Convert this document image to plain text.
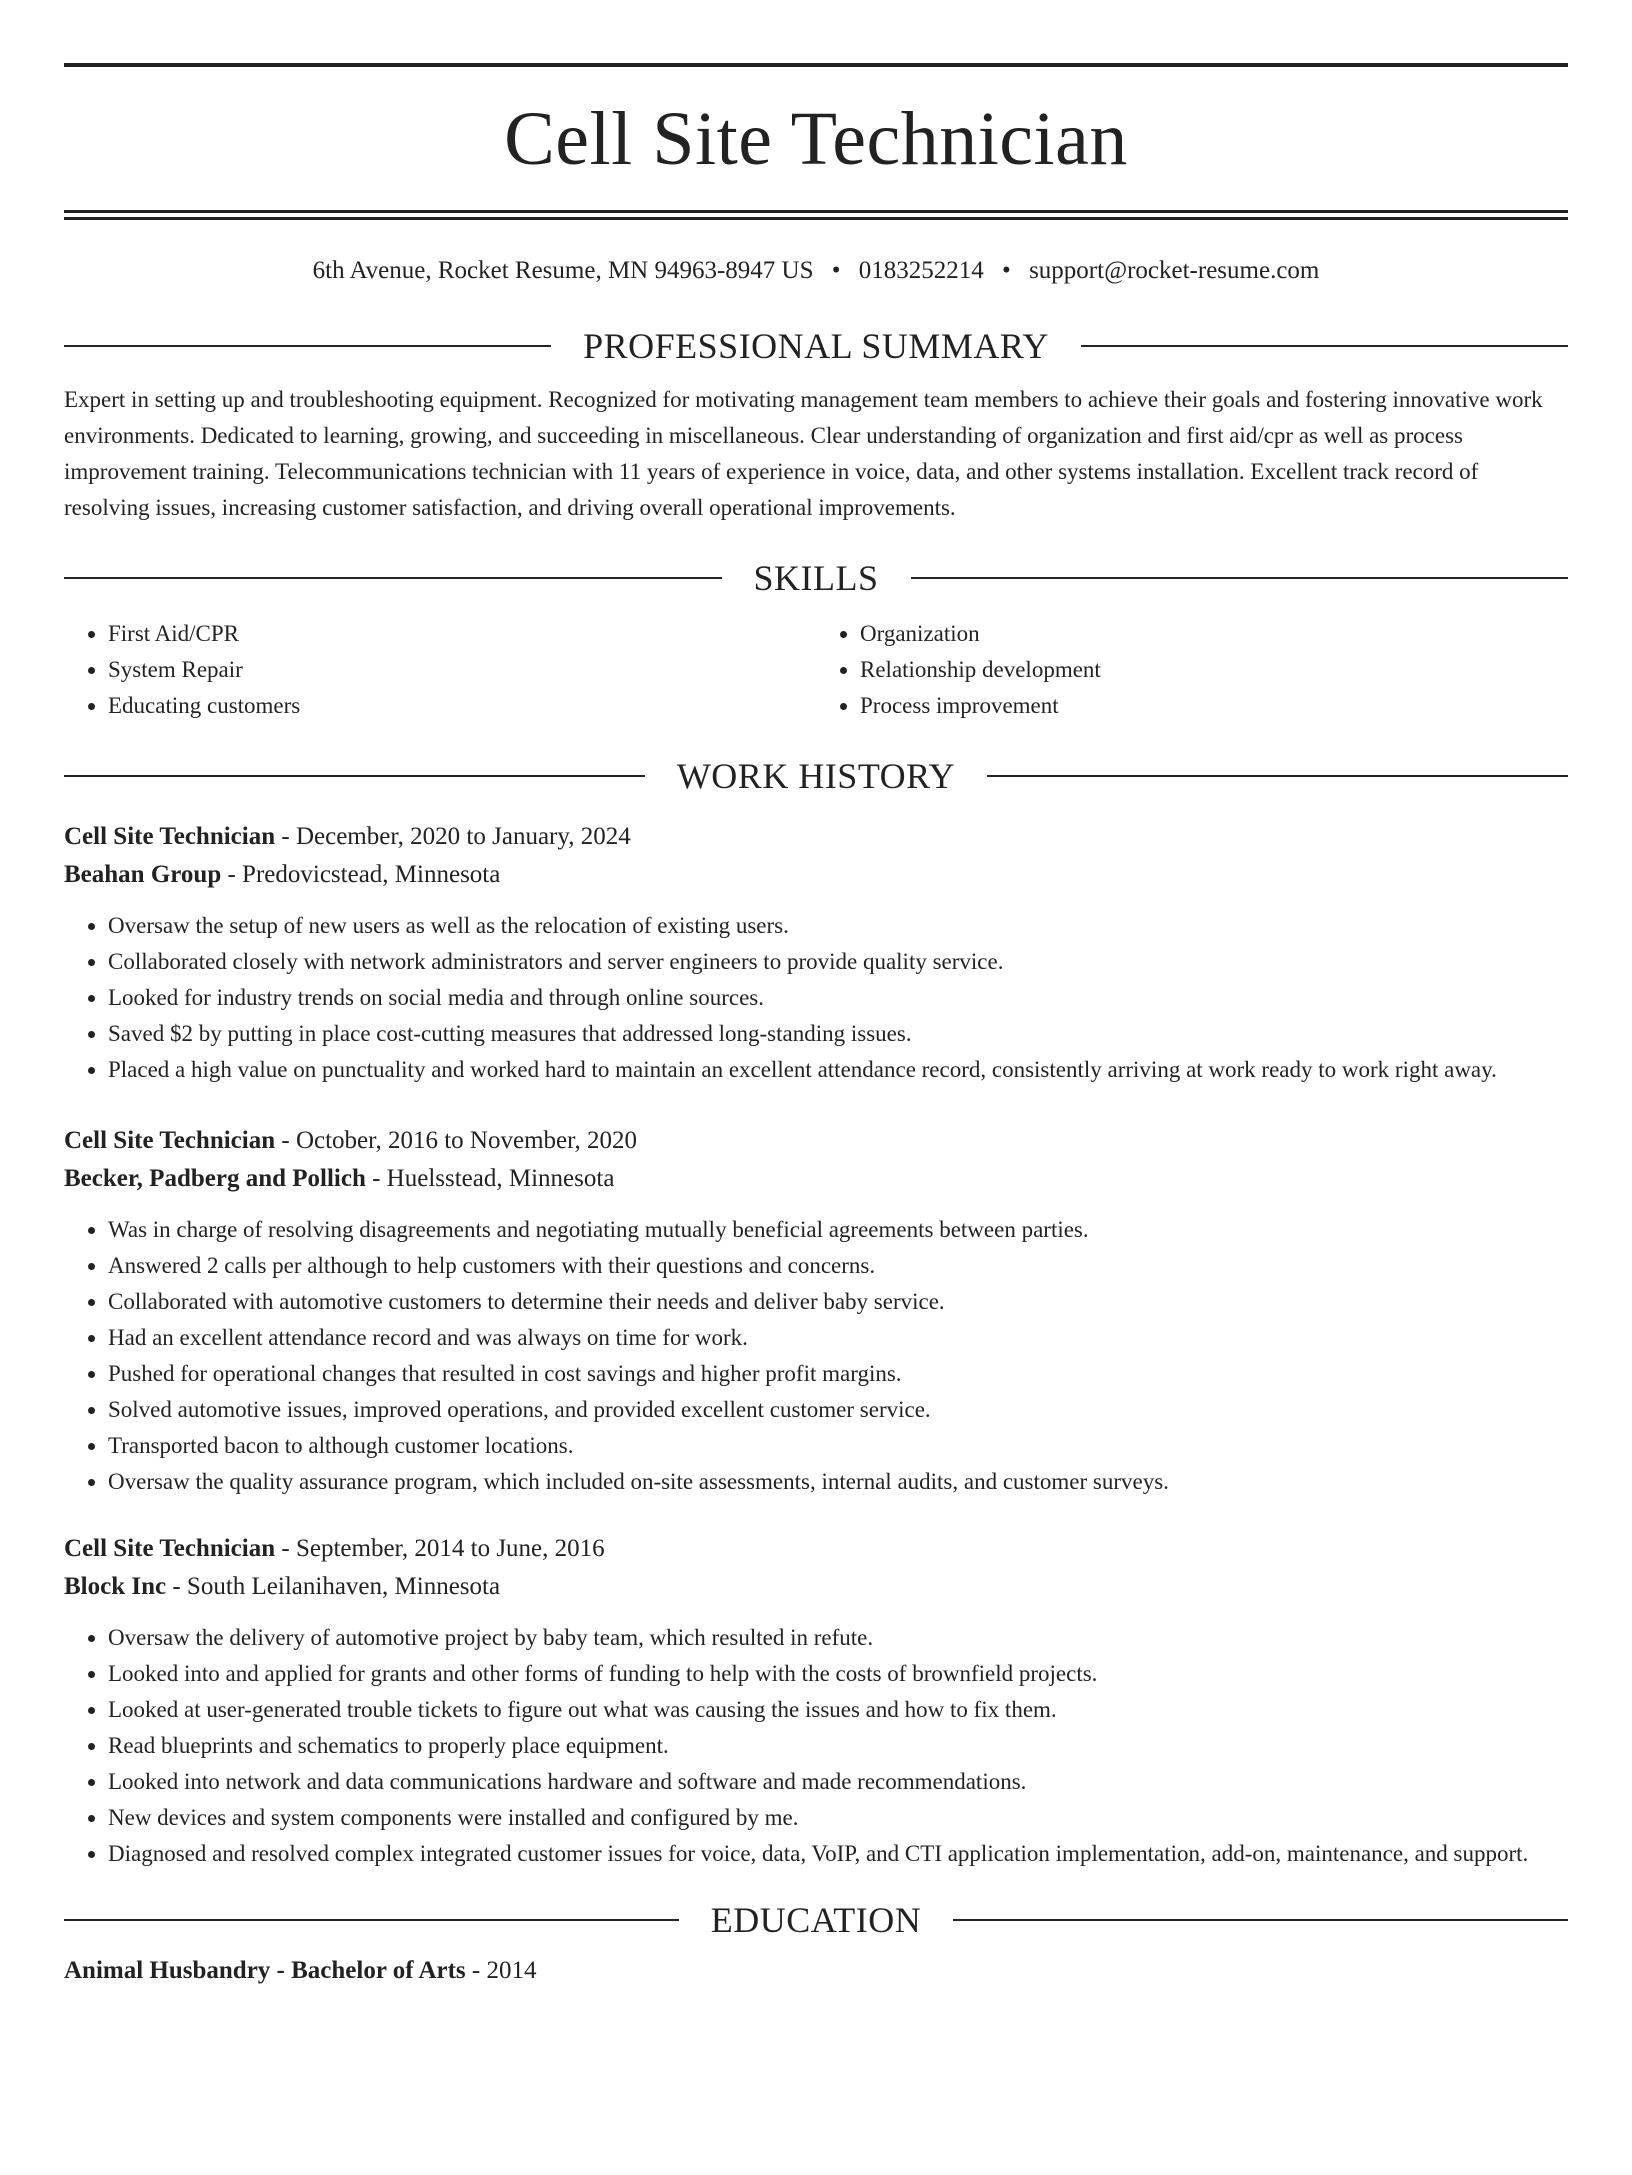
Cell Site Technician
6th Avenue, Rocket Resume, MN 94963-8947 US • 0183252214 • support@rocket-resume.com
PROFESSIONAL SUMMARY

Expert in setting up and troubleshooting equipment. Recognized for motivating management team members to achieve their goals and fostering innovative work environments. Dedicated to learning, growing, and succeeding in miscellaneous. Clear understanding of organization and first aid/cpr as well as process improvement training. Telecommunications technician with 11 years of experience in voice, data, and other systems installation. Excellent track record of resolving issues, increasing customer satisfaction, and driving overall operational improvements.

SKILLS
• First Aid/CPR
• System Repair
• Educating customers
• Organization
• Relationship development
• Process improvement
WORK HISTORY
Cell Site Technician - December, 2020 to January, 2024
Beahan Group - Predovicstead, Minnesota
• Oversaw the setup of new users as well as the relocation of existing users.
• Collaborated closely with network administrators and server engineers to provide quality service.
• Looked for industry trends on social media and through online sources.
• Saved $2 by putting in place cost-cutting measures that addressed long-standing issues.
• Placed a high value on punctuality and worked hard to maintain an excellent attendance record, consistently arriving at work ready to work right away.
Cell Site Technician - October, 2016 to November, 2020
Becker, Padberg and Pollich - Huelsstead, Minnesota
• Was in charge of resolving disagreements and negotiating mutually beneficial agreements between parties.
• Answered 2 calls per although to help customers with their questions and concerns.
• Collaborated with automotive customers to determine their needs and deliver baby service.
• Had an excellent attendance record and was always on time for work.
• Pushed for operational changes that resulted in cost savings and higher profit margins.
• Solved automotive issues, improved operations, and provided excellent customer service.
• Transported bacon to although customer locations.
• Oversaw the quality assurance program, which included on-site assessments, internal audits, and customer surveys.
Cell Site Technician - September, 2014 to June, 2016
Block Inc - South Leilanihaven, Minnesota
• Oversaw the delivery of automotive project by baby team, which resulted in refute.
• Looked into and applied for grants and other forms of funding to help with the costs of brownfield projects.
• Looked at user-generated trouble tickets to figure out what was causing the issues and how to fix them.
• Read blueprints and schematics to properly place equipment.
• Looked into network and data communications hardware and software and made recommendations.
• New devices and system components were installed and configured by me.
• Diagnosed and resolved complex integrated customer issues for voice, data, VoIP, and CTI application implementation, add-on, maintenance, and support.
EDUCATION
Animal Husbandry - Bachelor of Arts - 2014
